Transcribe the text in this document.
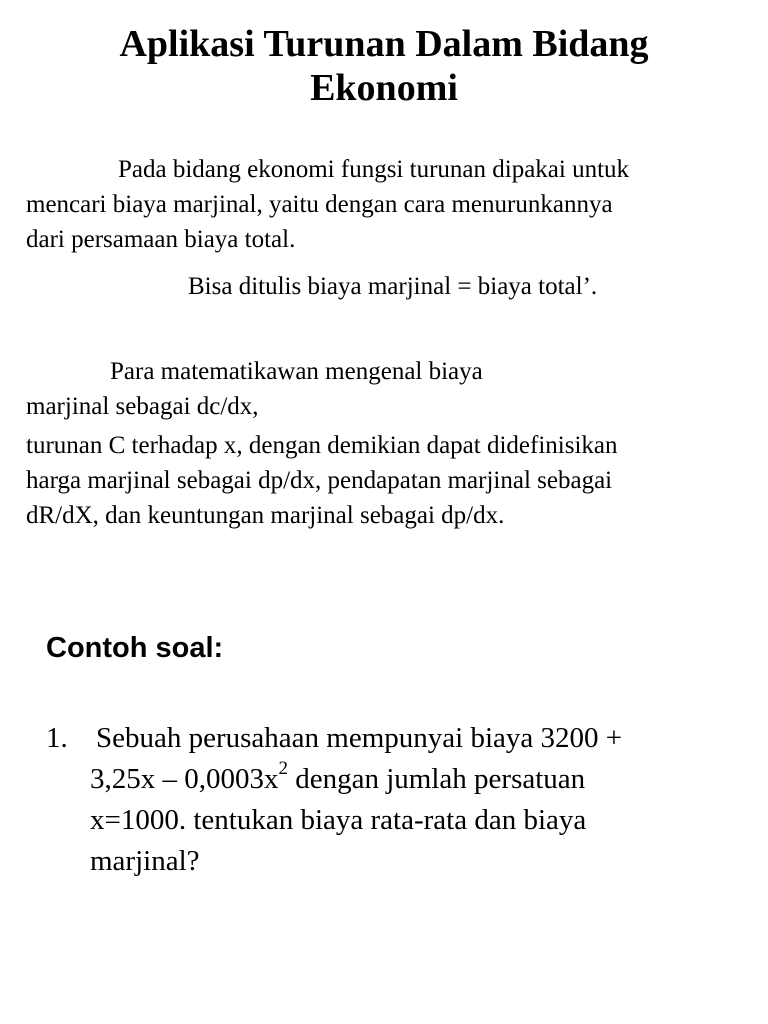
Aplikasi Turunan Dalam Bidang
Ekonomi

Pada bidang ekonomi fungsi turunan dipakai untuk
mencari biaya marjinal, yaitu dengan cara menurunkannya
dari persamaan biaya total.

Bisa ditulis biaya marjinal = biaya total’.

Para matematikawan mengenal biaya
marjinal sebagai dc/dx,
turunan C terhadap x, dengan demikian dapat didefinisikan
harga marjinal sebagai dp/dx, pendapatan marjinal sebagai
dR/dX, dan keuntungan marjinal sebagai dp/dx.

Contoh soal:
1. Sebuah perusahaan mempunyai biaya 3200 +
$3,25x - 0,0003x^2$ dengan jumlah persatuan
x=1000. tentukan biaya rata-rata dan biaya
marjinal?
